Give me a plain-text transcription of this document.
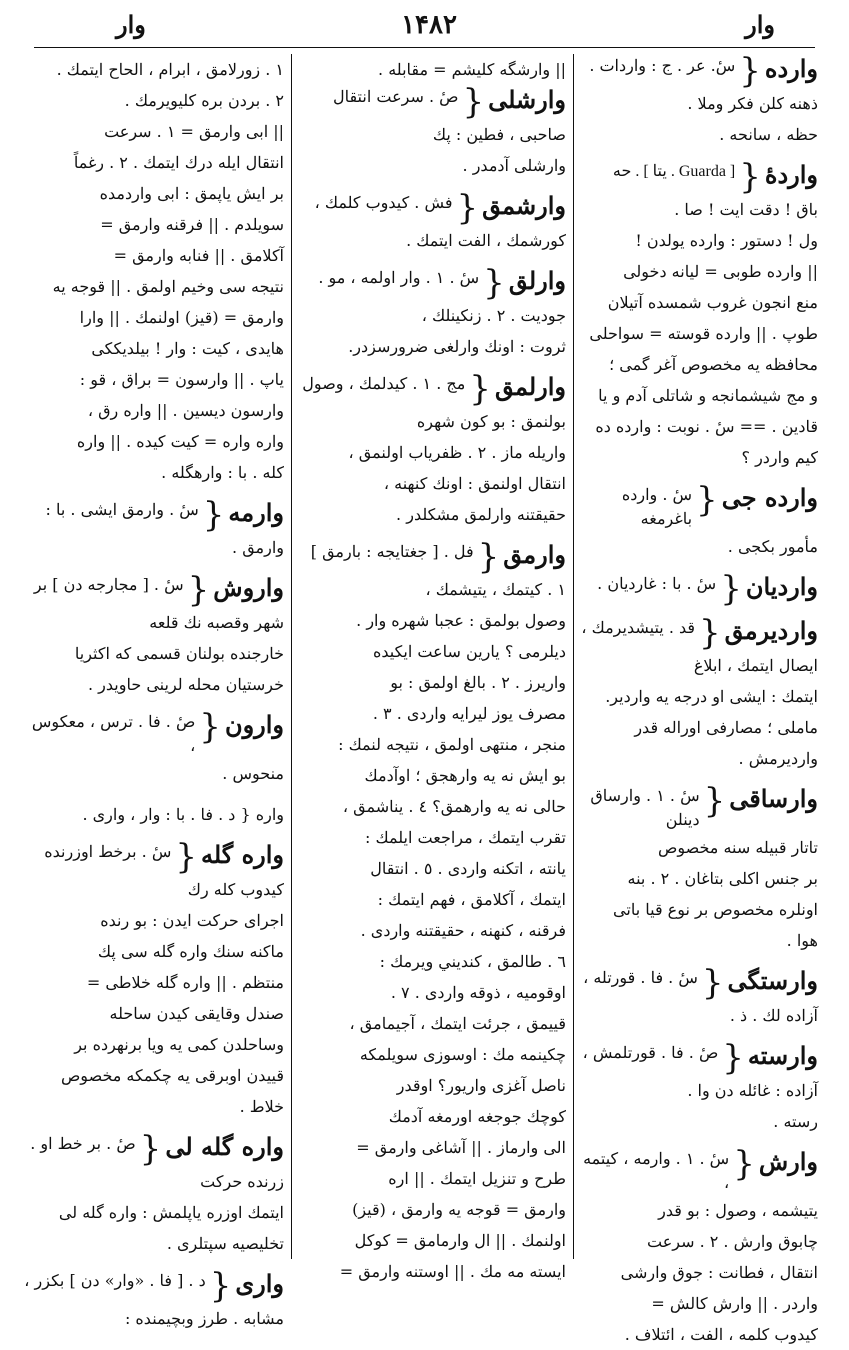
وار	۱۴۸۲	وار
وارده
{
سٔ. عر . ج : واردات .
ذهنه کلن فکر وملا .
حظه ، سانحه .
واردهٔ
{
حه . [ یتا . Guarda ]
باق ! دقت ایت ! صا .
ول ! دستور : وارده یولدن !
|| وارده طوبی = لیانه دخولی
منع انجون غروب شمسده آتیلان
طوپ . || وارده قوسته = سواحلی
محافظه یه مخصوص آغر گمی ؛
و مج شیشمانجه و شاتلی آدم و یا
قادین . == سٔ . نوبت : وارده ده
کیم واردر ؟
وارده جی
{
سٔ . وارده باغرمغه
مأمور بکجی .
وارديان
{
سٔ . با : غارديان .
وارديرمق
{
قد . يتيشديرمك ،
ايصال ايتمك ، ابلاغ
ايتمك : ايشى او درجه يه واردير.
ماملى ؛ مصارفى اوراله قدر
وارديرمش .
وارساقى
{
سٔ . ۱ . وارساق دينلن
تاتار قبيله سنه مخصوص
بر جنس اكلى بتاغان . ۲ . بنه
اونلره مخصوص بر نوع قيا باتى
هوا .
وارستگى
{
سٔ . فا . قورتله ،
آزاده لك . ذ .
وارسته
{
صٔ . فا . قورتلمش ،
آزاده : غائله دن وا .
رسته .
وارش
{
سٔ . ۱ . وارمه ، كيتمه ،
يتيشمه ، وصول : بو قدر
چابوق وارش . ۲ . سرعت
انتقال ، فطانت : جوق وارشى
واردر . || وارش كالش =
كيدوب كلمه ، الفت ، ائتلاف .
|| وارشگه كليشم = مقابله .
وارشلى
{
صٔ . سرعت انتقال
صاحبى ، فطين : پك
وارشلى آدمدر .
وارشمق
{
فش . كيدوب كلمك ،
كورشمك ، الفت ايتمك .
وارلق
{
سٔ . ۱ . وار اولمه ، مو .
جوديت . ۲ . زنكينلك ،
ثروت : اونك وارلغى ضرورسزدر.
وارلمق
{
مج . ۱ . كيدلمك ، وصول
بولنمق : بو كون شهره
واريله ماز . ۲ . ظفرياب اولنمق ،
انتقال اولنمق : اونك كنهنه ،
حقيقتنه وارلمق مشكلدر .
وارمق
{
فل . [ جغتايجه : بارمق ]
۱ . كيتمك ، يتيشمك ،
وصول بولمق : عجبا شهره وار .
ديلرمى ؟ يارين ساعت ايكيده
واريرز . ۲ . بالغ اولمق : بو
مصرف يوز ليرايه واردى . ۳ .
منجر ، منتهى اولمق ، نتيجه لنمك :
بو ايش نه يه وارهجق ؛ اوآدمك
حالى نه يه وارهمق؟ ٤ . يناشمق ،
تقرب ايتمك ، مراجعت ايلمك :
يانته ، اتكنه واردى . ٥ . انتقال
ايتمك ، آكلامق ، فهم ايتمك :
فرقنه ، كنهنه ، حقيقتنه واردى .
٦ . طالمق ، كنديني ويرمك :
اوقوميه ، ذوقه واردى . ۷ .
قييمق ، جرئت ايتمك ، آجيمامق ،
چكينمه مك : اوسوزى سويلمكه
ناصل آغزى واريور؟ اوقدر
كوچك جوجغه اورمغه آدمك
الى وارماز . || آشاغى وارمق =
طرح و تنزيل ايتمك . || اره
وارمق = قوجه يه وارمق ، (قيز)
اولنمك . || ال وارمامق = كوكل
ايسته مه مك . || اوستنه وارمق =
۱ . زورلامق ، ابرام ، الحاح ايتمك .
۲ . بردن بره كليويرمك .
|| ابى وارمق = ۱ . سرعت
انتقال ايله درك ايتمك . ۲ . رغماً
بر ايش ياپمق : ابى واردمده
سويلدم . || فرقنه وارمق =
آكلامق . || فنابه وارمق =
نتيجه سى وخيم اولمق . || قوجه يه
وارمق = (قيز) اولنمك . || وارا
هايدى ، كيت : وار ! بيلديككى
ياپ . || وارسون = براق ، قو :
وارسون ديسين . || واره رق ،
واره واره = كيت كيده . || واره
كله . با : وارهگله .
وارمه
{
سٔ . وارمق ايشى . با :
وارمق .
واروش
{
سٔ . [ مجارجه دن ] بر
شهر وقصبه نك قلعه
خارجنده بولنان قسمى كه اكثريا
خرستيان محله لرينى حاويدر .
وارون
{
صٔ . فا . ترس ، معكوس ،
منحوس .
واره { د . فا . با : وار ، وارى .
واره گله
{
سٔ . برخط اوزرنده
كيدوب كله رك
اجراى حركت ايدن : بو رنده
ماكنه سنك واره گله سى پك
منتظم . || واره گله خلاطى =
صندل وقايقى كيدن ساحله
وساحلدن كمى يه ويا برنهرده بر
قييدن اوبرقى يه چكمكه مخصوص
خلاط .
واره گله لى
{
صٔ . بر خط او .
زرنده حركت
ايتمك اوزره ياپلمش : واره گله لى
تخليصيه سپتلرى .
وارى
{
د . [ فا . «وار» دن ] بكزر ،
مشابه . طرز وبچيمنده :
